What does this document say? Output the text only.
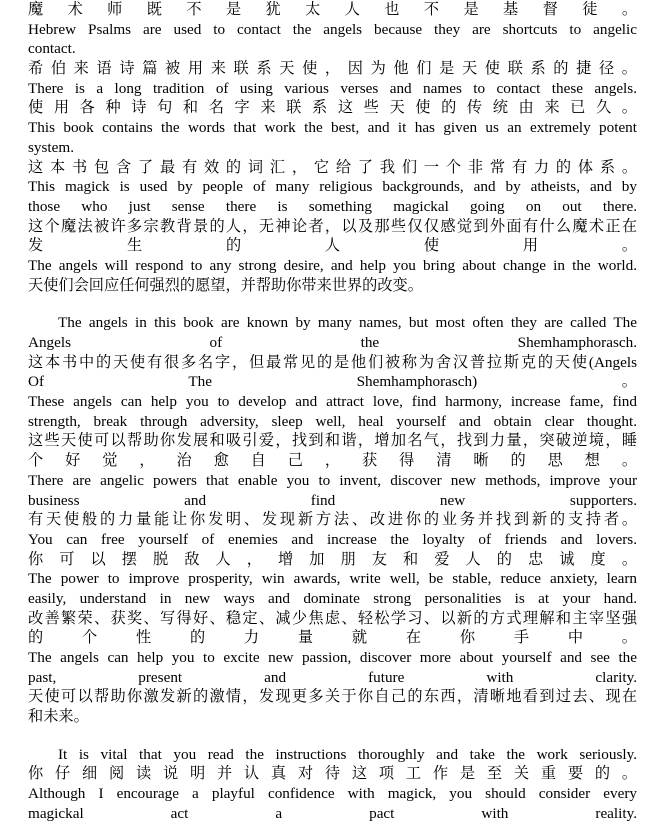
魔 术 师 既 不 是 犹 太 人 也 不 是 基 督 徒 。
Hebrew Psalms are used to contact the angels because they are shortcuts to angelic
contact.
希 伯 来 语 诗 篇 被 用 来 联 系 天 使 ， 因 为 他 们 是 天 使 联 系 的 捷 径 。
There is a long tradition of using various verses and names to contact these angels.
使 用 各 种 诗 句 和 名 字 来 联 系 这 些 天 使 的 传 统 由 来 已 久 。
This book contains the words that work the best, and it has given us an extremely potent
system.
这 本 书 包 含 了 最 有 效 的 词 汇 ， 它 给 了 我 们 一 个 非 常 有 力 的 体 系 。
This magick is used by people of many religious backgrounds, and by atheists, and by
those who just sense there is something magickal going on out there.
这个魔法被许多宗教背景的人，无神论者，以及那些仅仅感觉到外面有什么魔术正在
发 生 的 人 使 用 。
The angels will respond to any strong desire, and help you bring about change in the world.
天使们会回应任何强烈的愿望，并帮助你带来世界的改变。
The angels in this book are known by many names, but most often they are called The
Angels of the Shemhamphorasch.
这本书中的天使有很多名字，但最常见的是他们被称为舍汉普拉斯克的天使(Angels
Of The Shemhamphorasch) 。
These angels can help you to develop and attract love, find harmony, increase fame, find
strength, break through adversity, sleep well, heal yourself and obtain clear thought.
这些天使可以帮助你发展和吸引爱，找到和谐，增加名气，找到力量，突破逆境，睡
个 好 觉 ， 治 愈 自 己 ， 获 得 清 晰 的 思 想 。
There are angelic powers that enable you to invent, discover new methods, improve your
business and find new supporters.
有天使般的力量能让你发明、发现新方法、改进你的业务并找到新的支持者。
You can free yourself of enemies and increase the loyalty of friends and lovers.
你 可 以 摆 脱 敌 人 ， 增 加 朋 友 和 爱 人 的 忠 诚 度 。
The power to improve prosperity, win awards, write well, be stable, reduce anxiety, learn
easily, understand in new ways and dominate strong personalities is at your hand.
改善繁荣、获奖、写得好、稳定、减少焦虑、轻松学习、以新的方式理解和主宰坚强
的 个 性 的 力 量 就 在 你 手 中 。
The angels can help you to excite new passion, discover more about yourself and see the
past, present and future with clarity.
天使可以帮助你激发新的激情，发现更多关于你自己的东西，清晰地看到过去、现在
和未来。
It is vital that you read the instructions thoroughly and take the work seriously.
你 仔 细 阅 读 说 明 并 认 真 对 待 这 项 工 作 是 至 关 重 要 的 。
Although I encourage a playful confidence with magick, you should consider every
magickal act a pact with reality.
